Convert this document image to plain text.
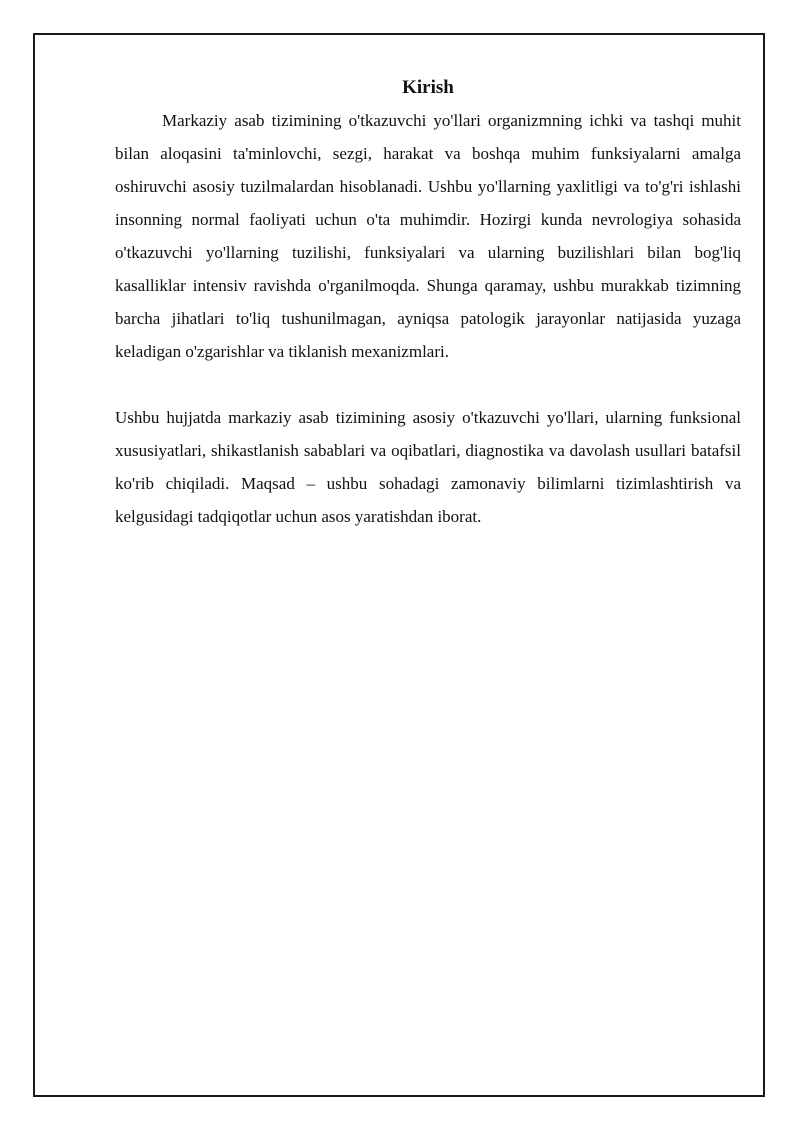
Kirish

Markaziy asab tizimining o'tkazuvchi yo'llari organizmning ichki va tashqi muhit bilan aloqasini ta'minlovchi, sezgi, harakat va boshqa muhim funksiyalarni amalga oshiruvchi asosiy tuzilmalardan hisoblanadi. Ushbu yo'llarning yaxlitligi va to'g'ri ishlashi insonning normal faoliyati uchun o'ta muhimdir. Hozirgi kunda nevrologiya sohasida o'tkazuvchi yo'llarning tuzilishi, funksiyalari va ularning buzilishlari bilan bog'liq kasalliklar intensiv ravishda o'rganilmoqda. Shunga qaramay, ushbu murakkab tizimning barcha jihatlari to'liq tushunilmagan, ayniqsa patologik jarayonlar natijasida yuzaga keladigan o'zgarishlar va tiklanish mexanizmlari.

Ushbu hujjatda markaziy asab tizimining asosiy o'tkazuvchi yo'llari, ularning funksional xususiyatlari, shikastlanish sabablari va oqibatlari, diagnostika va davolash usullari batafsil ko'rib chiqiladi. Maqsad – ushbu sohadagi zamonaviy bilimlarni tizimlashtirish va kelgusidagi tadqiqotlar uchun asos yaratishdan iborat.
